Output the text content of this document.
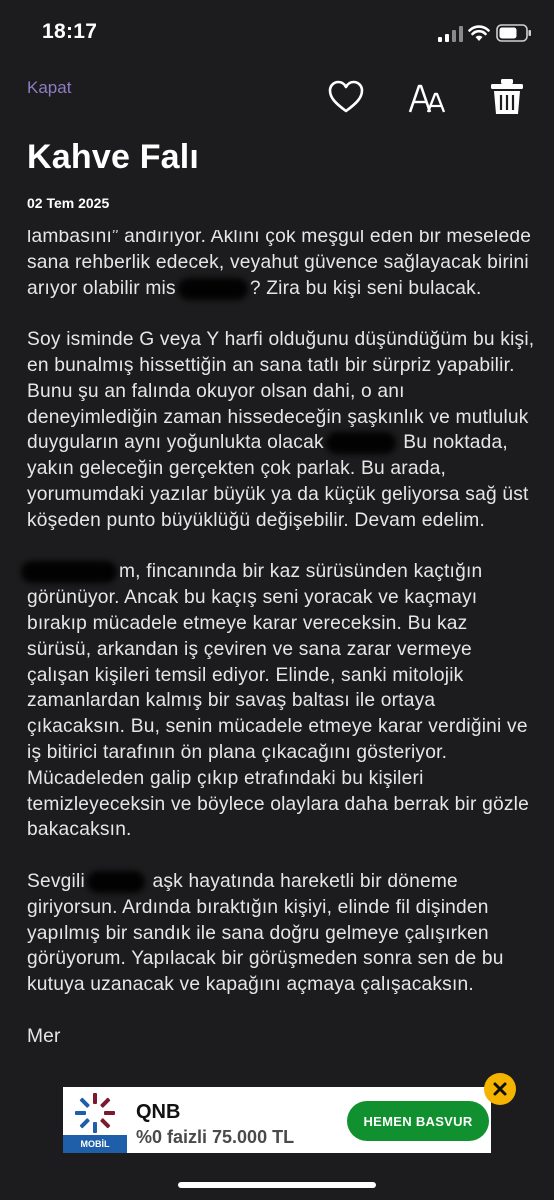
18:17
Kapat
Kahve Falı
02 Tem 2025

lambasını” andırıyor. Aklını çok meşgul eden bir meselede sana rehberlik edecek, veyahut güvence sağlayacak birini arıyor olabilir mis	? Zira bu kişi seni bulacak.

Soy isminde G veya Y harfi olduğunu düşündüğüm bu kişi, en bunalmış hissettiğin an sana tatlı bir sürpriz yapabilir. Bunu şu an falında okuyor olsan dahi, o anı deneyimlediğin zaman hissedeceğin şaşkınlık ve mutluluk duyguların aynı yoğunlukta olacak	Bu noktada, yakın geleceğin gerçekten çok parlak. Bu arada, yorumumdaki yazılar büyük ya da küçük geliyorsa sağ üst köşeden punto büyüklüğü değişebilir. Devam edelim.

m, fincanında bir kaz sürüsünden kaçtığın görünüyor. Ancak bu kaçış seni yoracak ve kaçmayı bırakıp mücadele etmeye karar vereceksin. Bu kaz sürüsü, arkandan iş çeviren ve sana zarar vermeye çalışan kişileri temsil ediyor. Elinde, sanki mitolojik zamanlardan kalmış bir savaş baltası ile ortaya çıkacaksın. Bu, senin mücadele etmeye karar verdiğini ve iş bitirici tarafının ön plana çıkacağını gösteriyor. Mücadeleden galip çıkıp etrafındaki bu kişileri temizleyeceksin ve böylece olaylara daha berrak bir gözle bakacaksın.

Sevgili	aşk hayatında hareketli bir döneme giriyorsun. Ardında bıraktığın kişiyi, elinde fil dişinden yapılmış bir sandık ile sana doğru gelmeye çalışırken görüyorum. Yapılacak bir görüşmeden sonra sen de bu kutuya uzanacak ve kapağını açmaya çalışacaksın.

Mer

MOBİL
QNB
%0 faizli 75.000 TL
HEMEN BASVUR
